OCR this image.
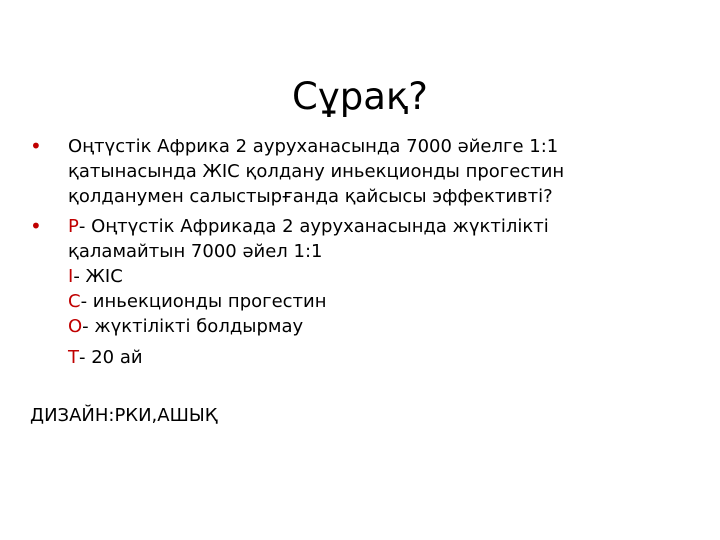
Сұрақ?
• Оңтүстік Африка 2 ауруханасында 7000 әйелге 1:1 қатынасында ЖІС қолдану иньекционды прогестин қолданумен салыстырғанда қайсысы эффективті?
• Р- Оңтүстік Африкада 2 ауруханасында жүктілікті қаламайтын 7000 әйел 1:1
І- ЖІС
С- иньекционды прогестин
О- жүктілікті болдырмау
Т- 20 ай
ДИЗАЙН:РКИ,АШЫҚ
